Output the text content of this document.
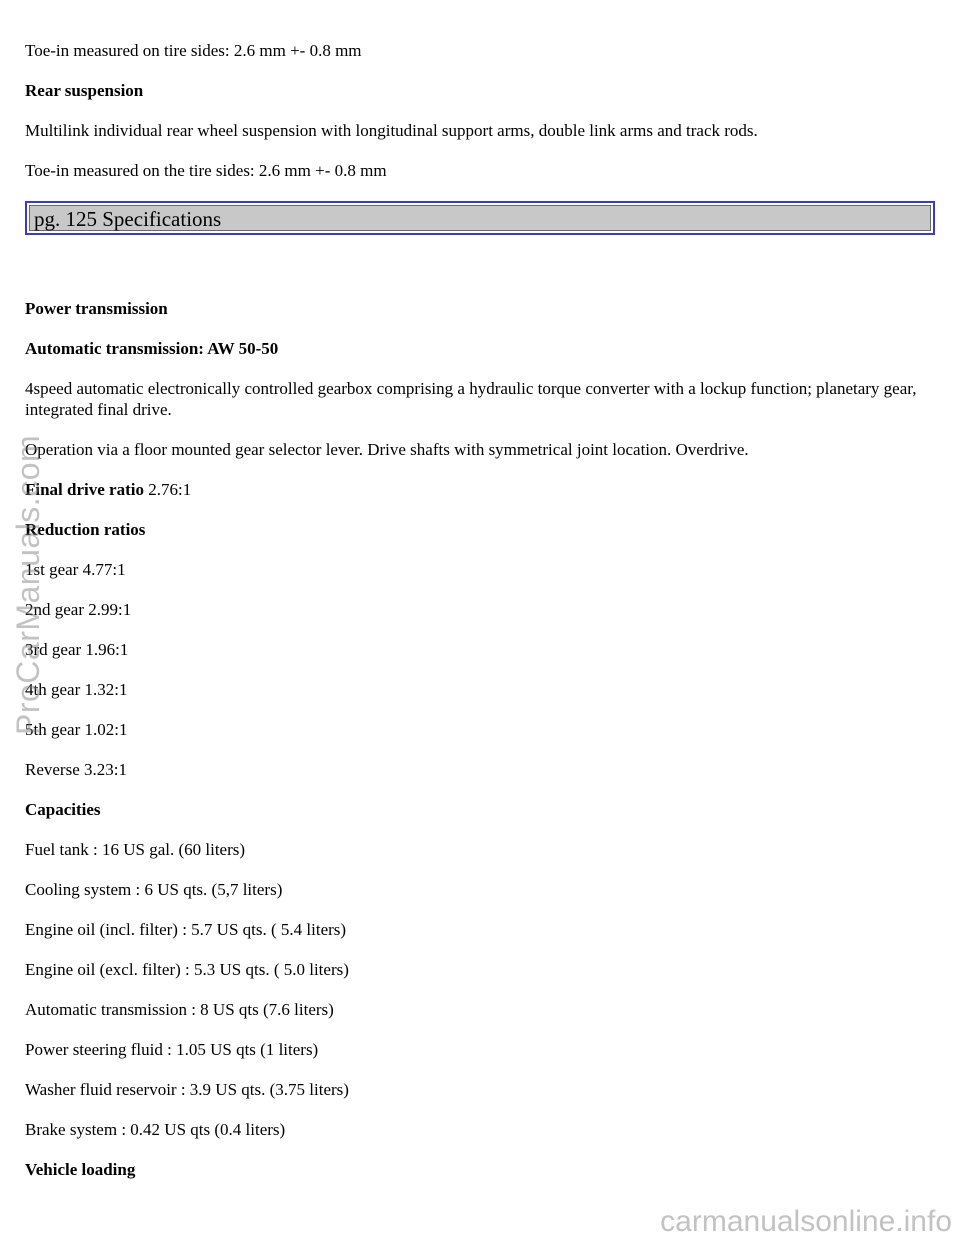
Toe-in measured on tire sides: 2.6 mm +- 0.8 mm

Rear suspension

Multilink individual rear wheel suspension with longitudinal support arms, double link arms and track rods.

Toe-in measured on the tire sides: 2.6 mm +- 0.8 mm

pg. 125 Specifications

Power transmission

Automatic transmission: AW 50-50

4speed automatic electronically controlled gearbox comprising a hydraulic torque converter with a lockup function; planetary gear, integrated final drive.

Operation via a floor mounted gear selector lever. Drive shafts with symmetrical joint location. Overdrive.

Final drive ratio 2.76:1

Reduction ratios

1st gear 4.77:1

2nd gear 2.99:1

3rd gear 1.96:1

4th gear 1.32:1

5th gear 1.02:1

Reverse 3.23:1

Capacities

Fuel tank : 16 US gal. (60 liters)

Cooling system : 6 US qts. (5,7 liters)

Engine oil (incl. filter) : 5.7 US qts. ( 5.4 liters)

Engine oil (excl. filter) : 5.3 US qts. ( 5.0 liters)

Automatic transmission : 8 US qts (7.6 liters)

Power steering fluid : 1.05 US qts (1 liters)

Washer fluid reservoir : 3.9 US qts. (3.75 liters)

Brake system : 0.42 US qts (0.4 liters)

Vehicle loading

ProCarManuals.com
carmanualsonline.info
